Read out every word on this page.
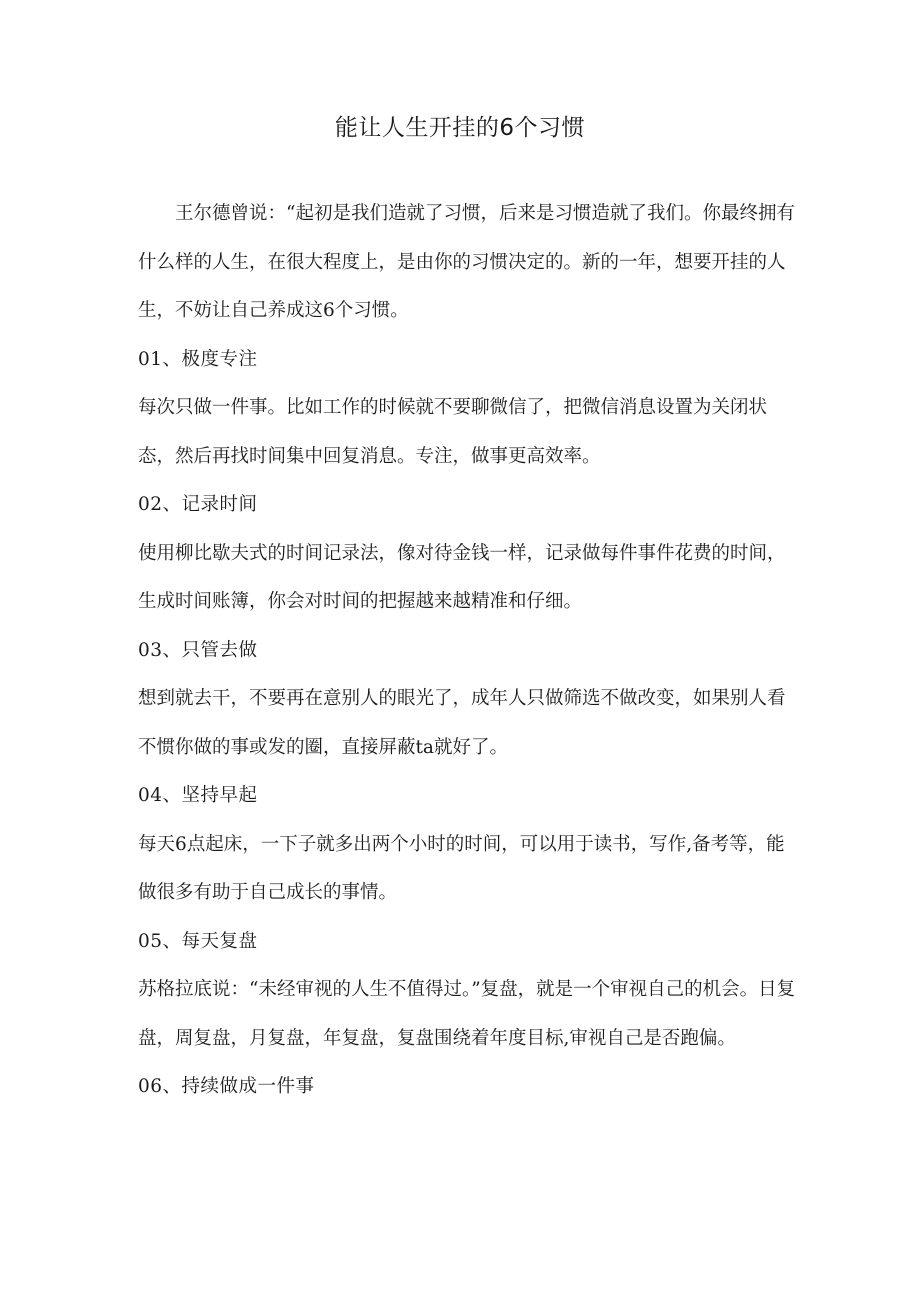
能让人生开挂的6个习惯

王尔德曾说：“起初是我们造就了习惯，后来是习惯造就了我们。你最终拥有什么样的人生，在很大程度上，是由你的习惯决定的。新的一年，想要开挂的人生，不妨让自己养成这6个习惯。

01、极度专注

每次只做一件事。比如工作的时候就不要聊微信了，把微信消息设置为关闭状态，然后再找时间集中回复消息。专注，做事更高效率。

02、记录时间

使用柳比歇夫式的时间记录法，像对待金钱一样，记录做每件事件花费的时间，生成时间账簿，你会对时间的把握越来越精准和仔细。

03、只管去做

想到就去干，不要再在意别人的眼光了，成年人只做筛选不做改变，如果别人看不惯你做的事或发的圈，直接屏蔽ta就好了。

04、坚持早起

每天6点起床，一下子就多出两个小时的时间，可以用于读书，写作,备考等，能做很多有助于自己成长的事情。

05、每天复盘

苏格拉底说：“未经审视的人生不值得过。”复盘，就是一个审视自己的机会。日复盘，周复盘，月复盘，年复盘，复盘围绕着年度目标,审视自己是否跑偏。

06、持续做成一件事
